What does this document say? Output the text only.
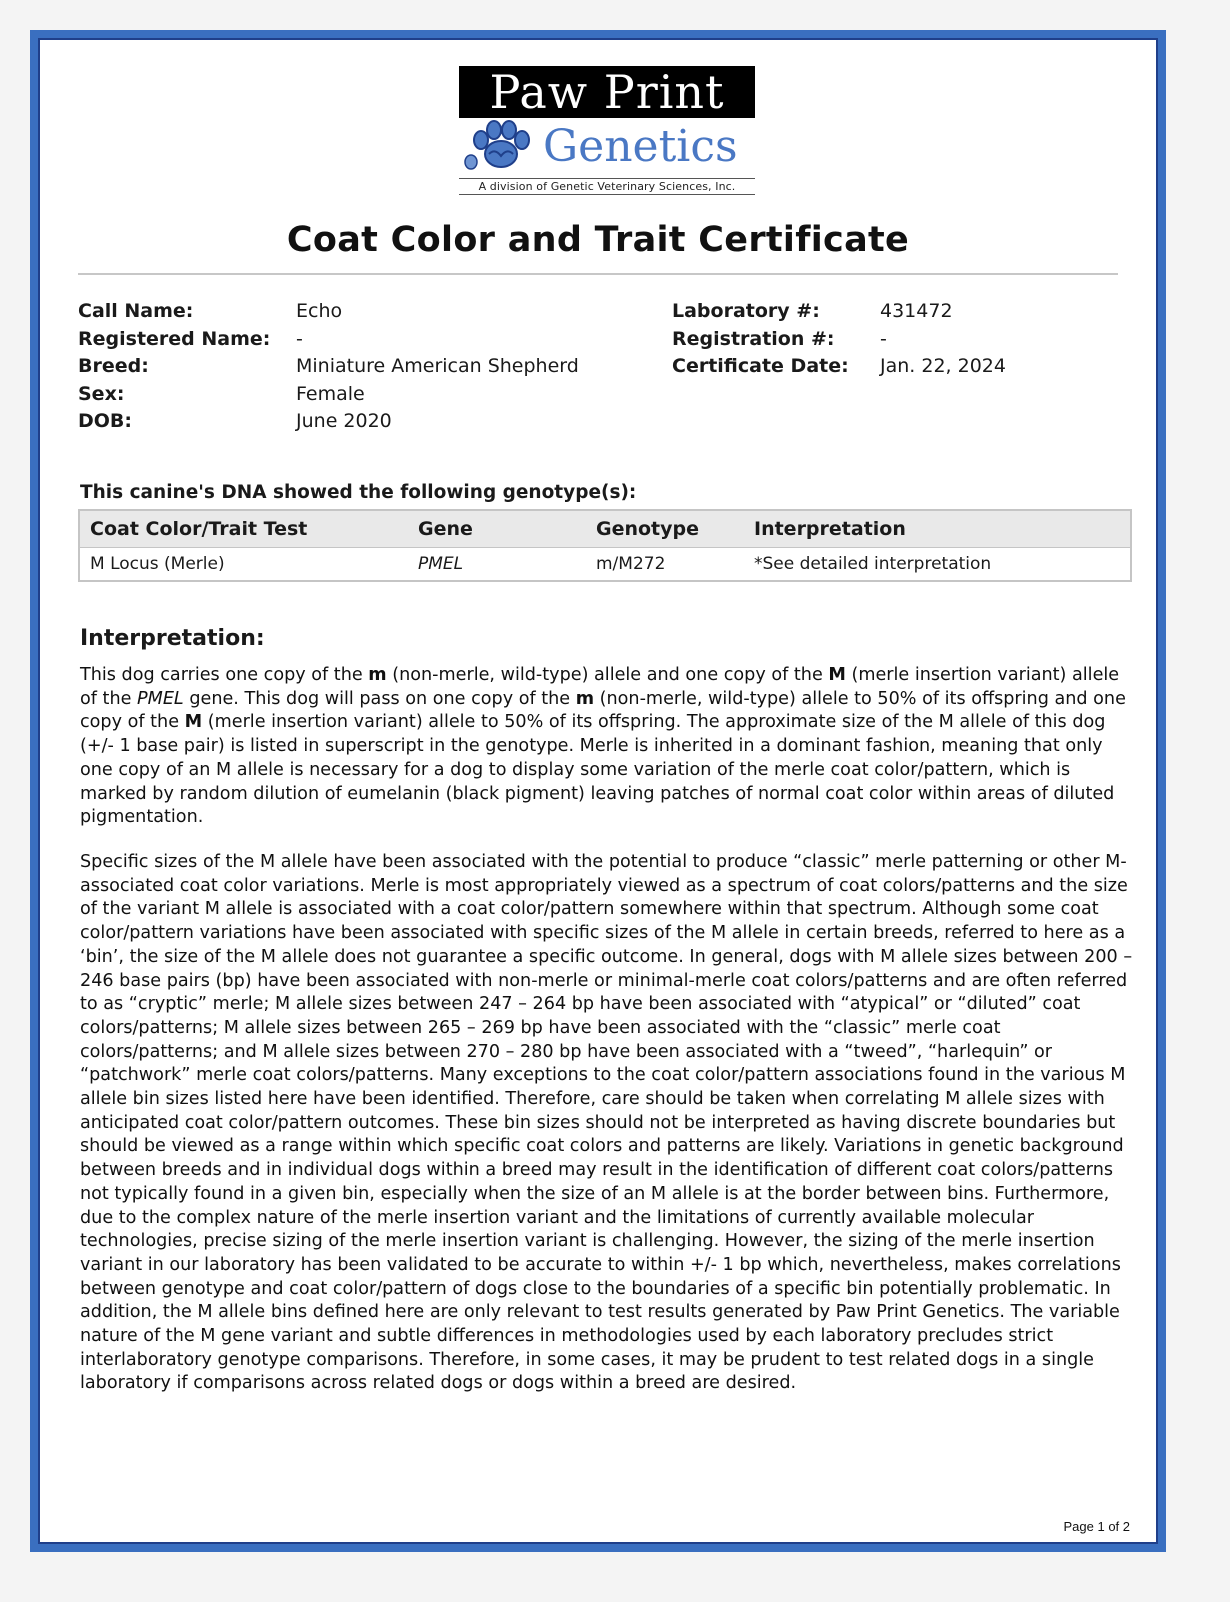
Paw Print
Genetics
A division of Genetic Veterinary Sciences, Inc.
Coat Color and Trait Certificate
Call Name:	Echo
Registered Name:	-
Breed:	Miniature American Shepherd
Sex:	Female
DOB:	June 2020
Laboratory #:	431472
Registration #:	-
Certificate Date:	Jan. 22, 2024
This canine's DNA showed the following genotype(s):
Coat Color/Trait Test	Gene	Genotype	Interpretation
M Locus (Merle)	PMEL	m/M272	*See detailed interpretation
Interpretation:
This dog carries one copy of the m (non-merle, wild-type) allele and one copy of the M (merle insertion variant) allele of the PMEL gene. This dog will pass on one copy of the m (non-merle, wild-type) allele to 50% of its offspring and one copy of the M (merle insertion variant) allele to 50% of its offspring. The approximate size of the M allele of this dog (+/- 1 base pair) is listed in superscript in the genotype. Merle is inherited in a dominant fashion, meaning that only one copy of an M allele is necessary for a dog to display some variation of the merle coat color/pattern, which is marked by random dilution of eumelanin (black pigment) leaving patches of normal coat color within areas of diluted pigmentation.
Specific sizes of the M allele have been associated with the potential to produce “classic” merle patterning or other M-associated coat color variations. Merle is most appropriately viewed as a spectrum of coat colors/patterns and the size of the variant M allele is associated with a coat color/pattern somewhere within that spectrum. Although some coat color/pattern variations have been associated with specific sizes of the M allele in certain breeds, referred to here as a ‘bin’, the size of the M allele does not guarantee a specific outcome. In general, dogs with M allele sizes between 200 – 246 base pairs (bp) have been associated with non-merle or minimal-merle coat colors/patterns and are often referred to as “cryptic” merle; M allele sizes between 247 – 264 bp have been associated with “atypical” or “diluted” coat colors/patterns; M allele sizes between 265 – 269 bp have been associated with the “classic” merle coat colors/patterns; and M allele sizes between 270 – 280 bp have been associated with a “tweed”, “harlequin” or “patchwork” merle coat colors/patterns. Many exceptions to the coat color/pattern associations found in the various M allele bin sizes listed here have been identified. Therefore, care should be taken when correlating M allele sizes with anticipated coat color/pattern outcomes. These bin sizes should not be interpreted as having discrete boundaries but should be viewed as a range within which specific coat colors and patterns are likely. Variations in genetic background between breeds and in individual dogs within a breed may result in the identification of different coat colors/patterns not typically found in a given bin, especially when the size of an M allele is at the border between bins. Furthermore, due to the complex nature of the merle insertion variant and the limitations of currently available molecular technologies, precise sizing of the merle insertion variant is challenging. However, the sizing of the merle insertion variant in our laboratory has been validated to be accurate to within +/- 1 bp which, nevertheless, makes correlations between genotype and coat color/pattern of dogs close to the boundaries of a specific bin potentially problematic. In addition, the M allele bins defined here are only relevant to test results generated by Paw Print Genetics. The variable nature of the M gene variant and subtle differences in methodologies used by each laboratory precludes strict interlaboratory genotype comparisons. Therefore, in some cases, it may be prudent to test related dogs in a single laboratory if comparisons across related dogs or dogs within a breed are desired.
Page 1 of 2
